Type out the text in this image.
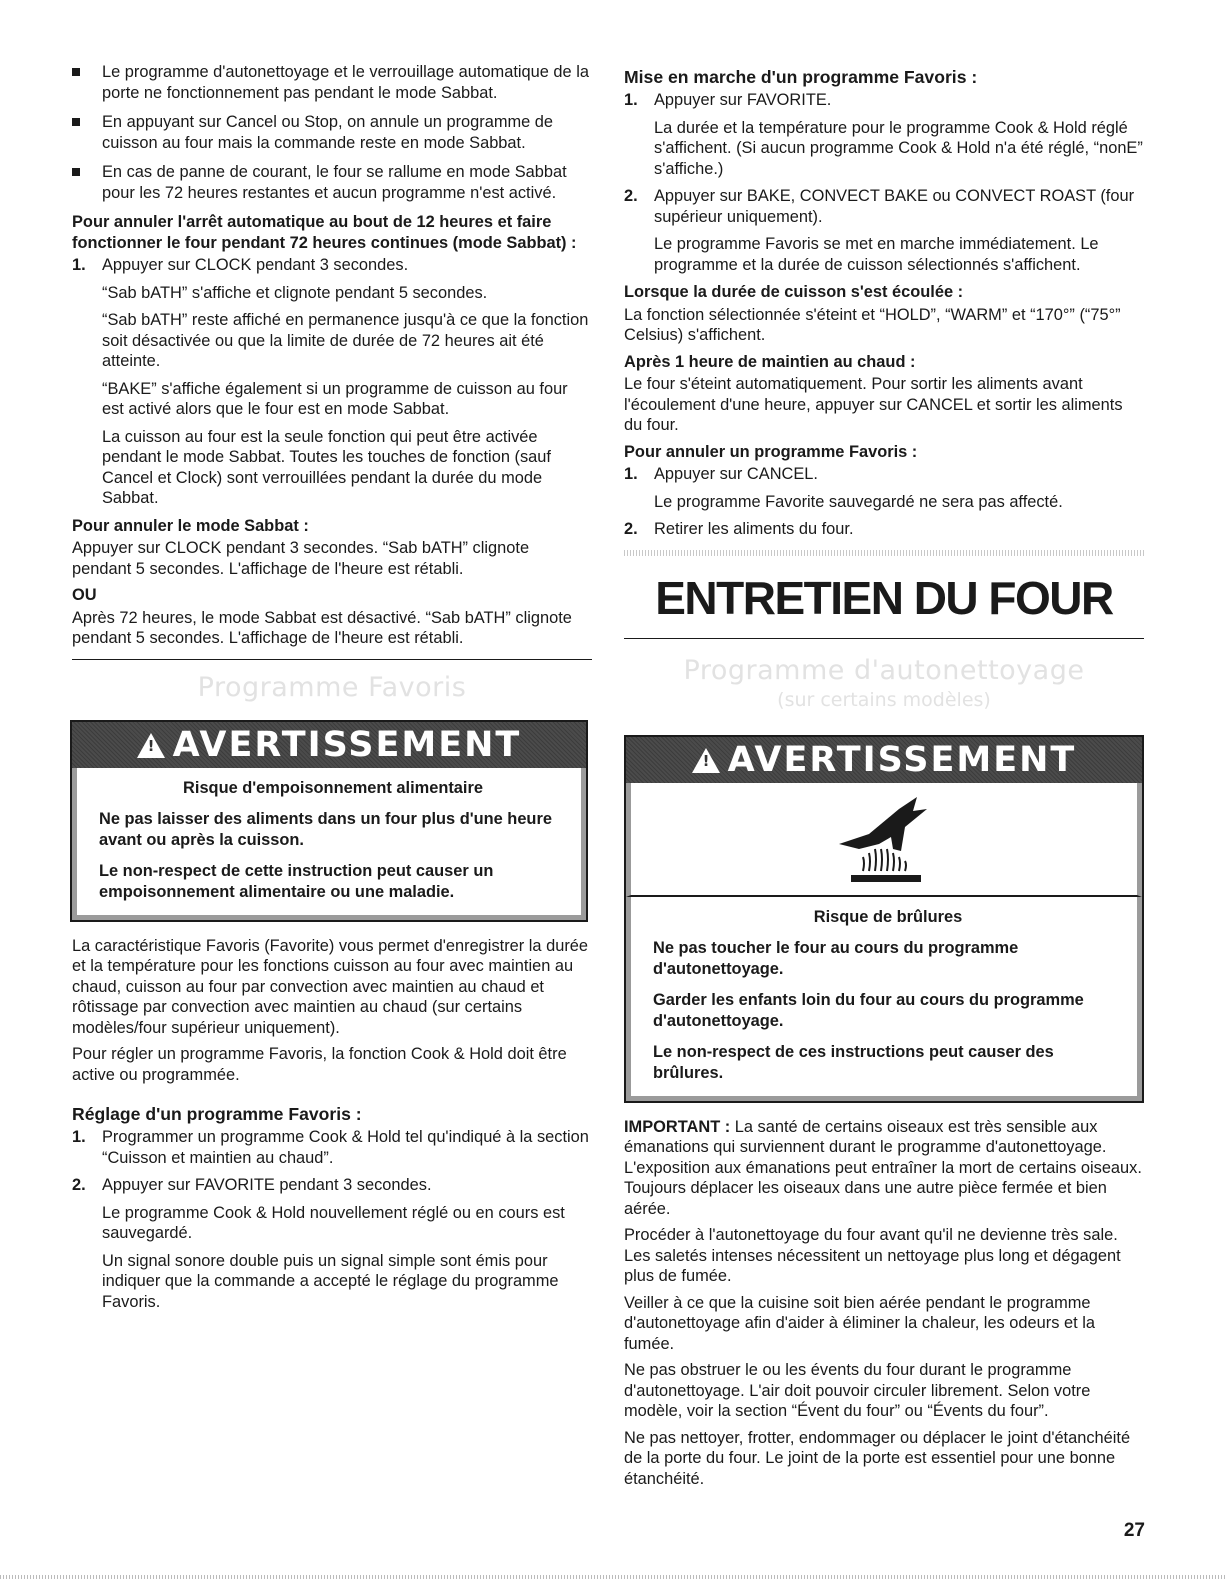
Le programme d'autonettoyage et le verrouillage automatique de la porte ne fonctionnement pas pendant le mode Sabbat.
En appuyant sur Cancel ou Stop, on annule un programme de cuisson au four mais la commande reste en mode Sabbat.
En cas de panne de courant, le four se rallume en mode Sabbat pour les 72 heures restantes et aucun programme n'est activé.

Pour annuler l'arrêt automatique au bout de 12 heures et faire fonctionner le four pendant 72 heures continues (mode Sabbat) :

1. Appuyer sur CLOCK pendant 3 secondes.

“Sab bATH” s'affiche et clignote pendant 5 secondes.

“Sab bATH” reste affiché en permanence jusqu'à ce que la fonction soit désactivée ou que la limite de durée de 72 heures ait été atteinte.

“BAKE” s'affiche également si un programme de cuisson au four est activé alors que le four est en mode Sabbat.

La cuisson au four est la seule fonction qui peut être activée pendant le mode Sabbat. Toutes les touches de fonction (sauf Cancel et Clock) sont verrouillées pendant la durée du mode Sabbat.

Pour annuler le mode Sabbat :

Appuyer sur CLOCK pendant 3 secondes. “Sab bATH” clignote pendant 5 secondes. L'affichage de l'heure est rétabli.

OU

Après 72 heures, le mode Sabbat est désactivé. “Sab bATH” clignote pendant 5 secondes. L'affichage de l'heure est rétabli.

Programme Favoris

! AVERTISSEMENT

Risque d'empoisonnement alimentaire

Ne pas laisser des aliments dans un four plus d'une heure avant ou après la cuisson.

Le non-respect de cette instruction peut causer un empoisonnement alimentaire ou une maladie.

La caractéristique Favoris (Favorite) vous permet d'enregistrer la durée et la température pour les fonctions cuisson au four avec maintien au chaud, cuisson au four par convection avec maintien au chaud et rôtissage par convection avec maintien au chaud (sur certains modèles/four supérieur uniquement).

Pour régler un programme Favoris, la fonction Cook & Hold doit être active ou programmée.

Réglage d'un programme Favoris :

1. Programmer un programme Cook & Hold tel qu'indiqué à la section “Cuisson et maintien au chaud”.

2. Appuyer sur FAVORITE pendant 3 secondes.

Le programme Cook & Hold nouvellement réglé ou en cours est sauvegardé.

Un signal sonore double puis un signal simple sont émis pour indiquer que la commande a accepté le réglage du programme Favoris.

Mise en marche d'un programme Favoris :

1. Appuyer sur FAVORITE.

La durée et la température pour le programme Cook & Hold réglé s'affichent. (Si aucun programme Cook & Hold n'a été réglé, “nonE” s'affiche.)

2. Appuyer sur BAKE, CONVECT BAKE ou CONVECT ROAST (four supérieur uniquement).

Le programme Favoris se met en marche immédiatement. Le programme et la durée de cuisson sélectionnés s'affichent.

Lorsque la durée de cuisson s'est écoulée :

La fonction sélectionnée s'éteint et “HOLD”, “WARM” et “170°” (“75°” Celsius) s'affichent.

Après 1 heure de maintien au chaud :

Le four s'éteint automatiquement. Pour sortir les aliments avant l'écoulement d'une heure, appuyer sur CANCEL et sortir les aliments du four.

Pour annuler un programme Favoris :

1. Appuyer sur CANCEL.

Le programme Favorite sauvegardé ne sera pas affecté.

2. Retirer les aliments du four.

ENTRETIEN DU FOUR

Programme d'autonettoyage

(sur certains modèles)

! AVERTISSEMENT

Risque de brûlures

Ne pas toucher le four au cours du programme d'autonettoyage.

Garder les enfants loin du four au cours du programme d'autonettoyage.

Le non-respect de ces instructions peut causer des brûlures.

IMPORTANT : La santé de certains oiseaux est très sensible aux émanations qui surviennent durant le programme d'autonettoyage. L'exposition aux émanations peut entraîner la mort de certains oiseaux. Toujours déplacer les oiseaux dans une autre pièce fermée et bien aérée.

Procéder à l'autonettoyage du four avant qu'il ne devienne très sale. Les saletés intenses nécessitent un nettoyage plus long et dégagent plus de fumée.

Veiller à ce que la cuisine soit bien aérée pendant le programme d'autonettoyage afin d'aider à éliminer la chaleur, les odeurs et la fumée.

Ne pas obstruer le ou les évents du four durant le programme d'autonettoyage. L'air doit pouvoir circuler librement. Selon votre modèle, voir la section “Évent du four” ou “Évents du four”.

Ne pas nettoyer, frotter, endommager ou déplacer le joint d'étanchéité de la porte du four. Le joint de la porte est essentiel pour une bonne étanchéité.

27
